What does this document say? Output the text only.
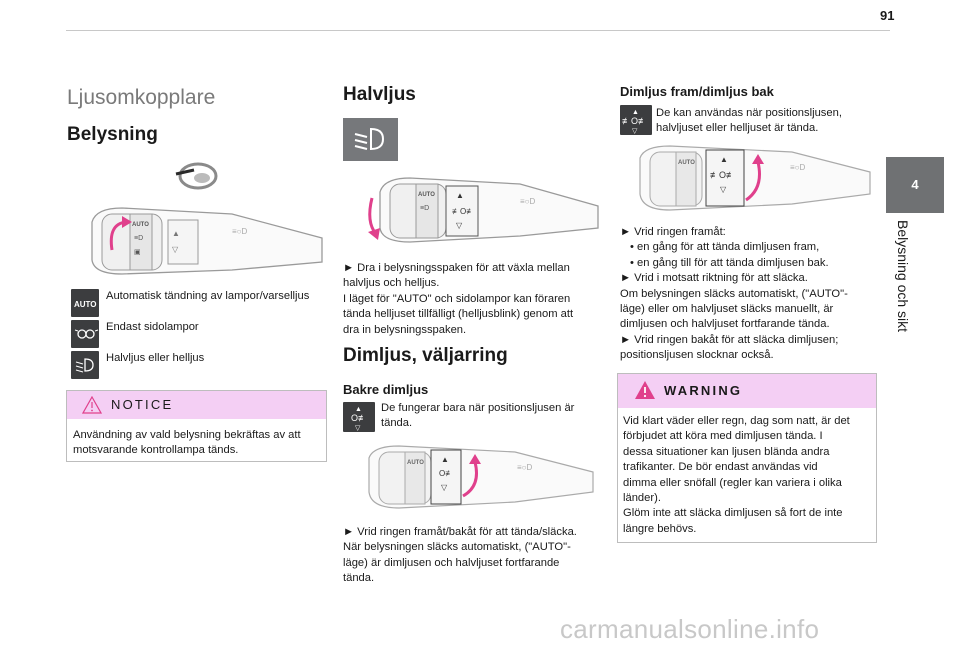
91
4
Belysning och sikt
Ljusomkopplare
Belysning
AUTO
≡D
▣
▲
▽
≡○D
AUTO
Automatisk tändning av lampor/varselljus
Endast sidolampor
Halvljus eller helljus
NOTICE
Användning av vald belysning bekräftas av att
motsvarande kontrollampa tänds.
Halvljus
AUTO
≡D
▲
≢O≢
▽
≡○D
► Dra i belysningsspaken för att växla mellan
halvljus och helljus.
I läget för "AUTO" och sidolampor kan föraren
tända helljuset tillfälligt (helljusblink) genom att
dra in belysningsspaken.
Dimljus, väljarring
Bakre dimljus
▲
O≢
▽
De fungerar bara när positionsljusen är
tända.
AUTO ▲
O≢
▽
≡○D
► Vrid ringen framåt/bakåt för att tända/släcka.
När belysningen släcks automatiskt, ("AUTO"-
läge) är dimljusen och halvljuset fortfarande
tända.
Dimljus fram/dimljus bak
▲
≢O≢
▽
De kan användas när positionsljusen,
halvljuset eller helljuset är tända.
AUTO	▲
≢O≢
▽
≡○D
► Vrid ringen framåt:
• en gång för att tända dimljusen fram,
• en gång till för att tända dimljusen bak.
► Vrid i motsatt riktning för att släcka.
Om belysningen släcks automatiskt, ("AUTO"-
läge) eller om halvljuset släcks manuellt, är
dimljusen och halvljuset fortfarande tända.
► Vrid ringen bakåt för att släcka dimljusen;
positionsljusen slocknar också.
WARNING
Vid klart väder eller regn, dag som natt, är det
förbjudet att köra med dimljusen tända. I
dessa situationer kan ljusen blända andra
trafikanter. De bör endast användas vid
dimma eller snöfall (regler kan variera i olika
länder).
Glöm inte att släcka dimljusen så fort de inte
längre behövs.
carmanualsonline.info
